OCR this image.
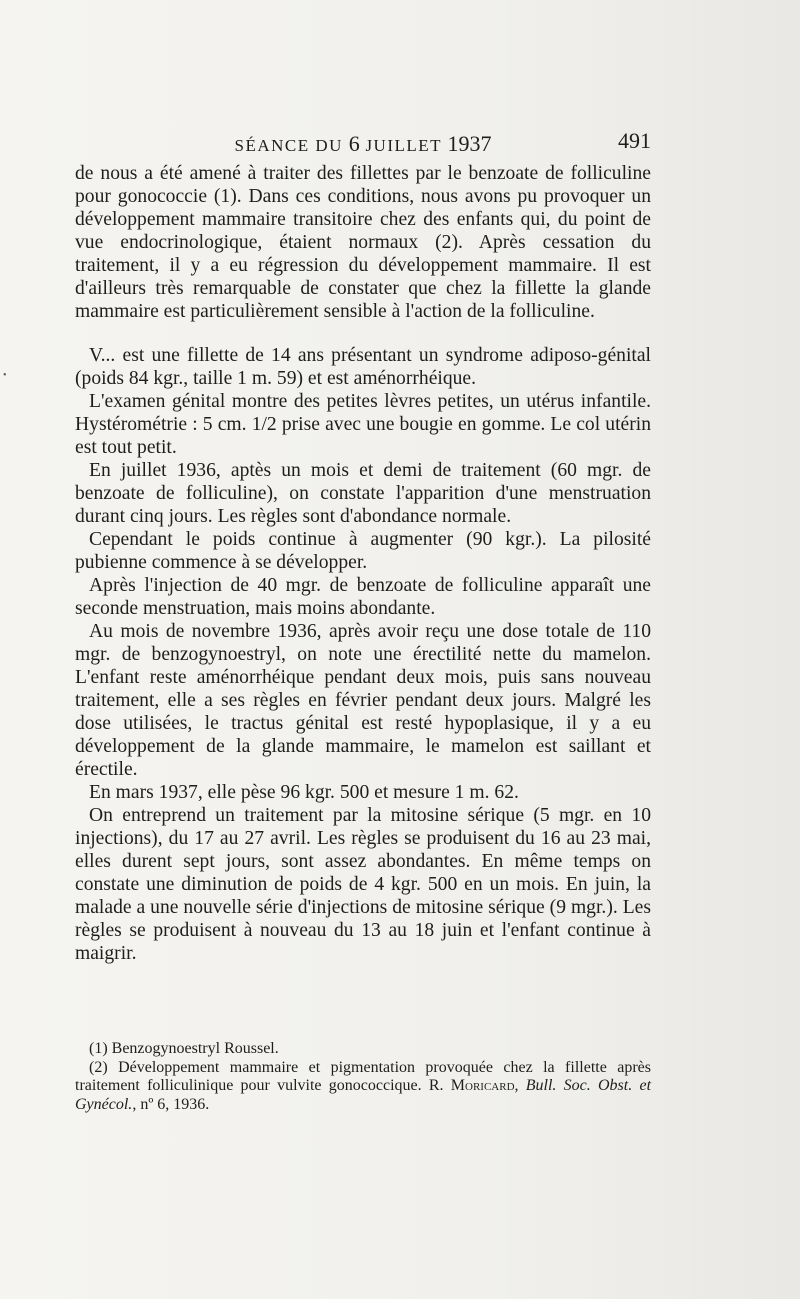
•
SÉANCE DU 6 JUILLET 1937	491

de nous a été amené à traiter des fillettes par le benzoate de folliculine pour gonococcie (1). Dans ces conditions, nous avons pu provoquer un développement mammaire transitoire chez des enfants qui, du point de vue endocrinologique, étaient normaux (2). Après cessation du traitement, il y a eu régression du développement mammaire. Il est d'ailleurs très remarquable de constater que chez la fillette la glande mammaire est particulièrement sensible à l'action de la folliculine.

V... est une fillette de 14 ans présentant un syndrome adiposo-génital (poids 84 kgr., taille 1 m. 59) et est aménorrhéique.

L'examen génital montre des petites lèvres petites, un utérus infantile. Hystérométrie : 5 cm. 1/2 prise avec une bougie en gomme. Le col utérin est tout petit.

En juillet 1936, aptès un mois et demi de traitement (60 mgr. de benzoate de folliculine), on constate l'apparition d'une menstruation durant cinq jours. Les règles sont d'abondance normale.

Cependant le poids continue à augmenter (90 kgr.). La pilosité pubienne commence à se développer.

Après l'injection de 40 mgr. de benzoate de folliculine apparaît une seconde menstruation, mais moins abondante.

Au mois de novembre 1936, après avoir reçu une dose totale de 110 mgr. de benzogynoestryl, on note une érectilité nette du mamelon. L'enfant reste aménorrhéique pendant deux mois, puis sans nouveau traitement, elle a ses règles en février pendant deux jours. Malgré les dose utilisées, le tractus génital est resté hypoplasique, il y a eu développement de la glande mammaire, le mamelon est saillant et érectile.

En mars 1937, elle pèse 96 kgr. 500 et mesure 1 m. 62.

On entreprend un traitement par la mitosine sérique (5 mgr. en 10 injections), du 17 au 27 avril. Les règles se produisent du 16 au 23 mai, elles durent sept jours, sont assez abondantes. En même temps on constate une diminution de poids de 4 kgr. 500 en un mois. En juin, la malade a une nouvelle série d'injections de mitosine sérique (9 mgr.). Les règles se produisent à nouveau du 13 au 18 juin et l'enfant continue à maigrir.

(1) Benzogynoestryl Roussel.

(2) Développement mammaire et pigmentation provoquée chez la fillette après traitement folliculinique pour vulvite gonococcique. R. Moricard, Bull. Soc. Obst. et Gynécol., nº 6, 1936.
